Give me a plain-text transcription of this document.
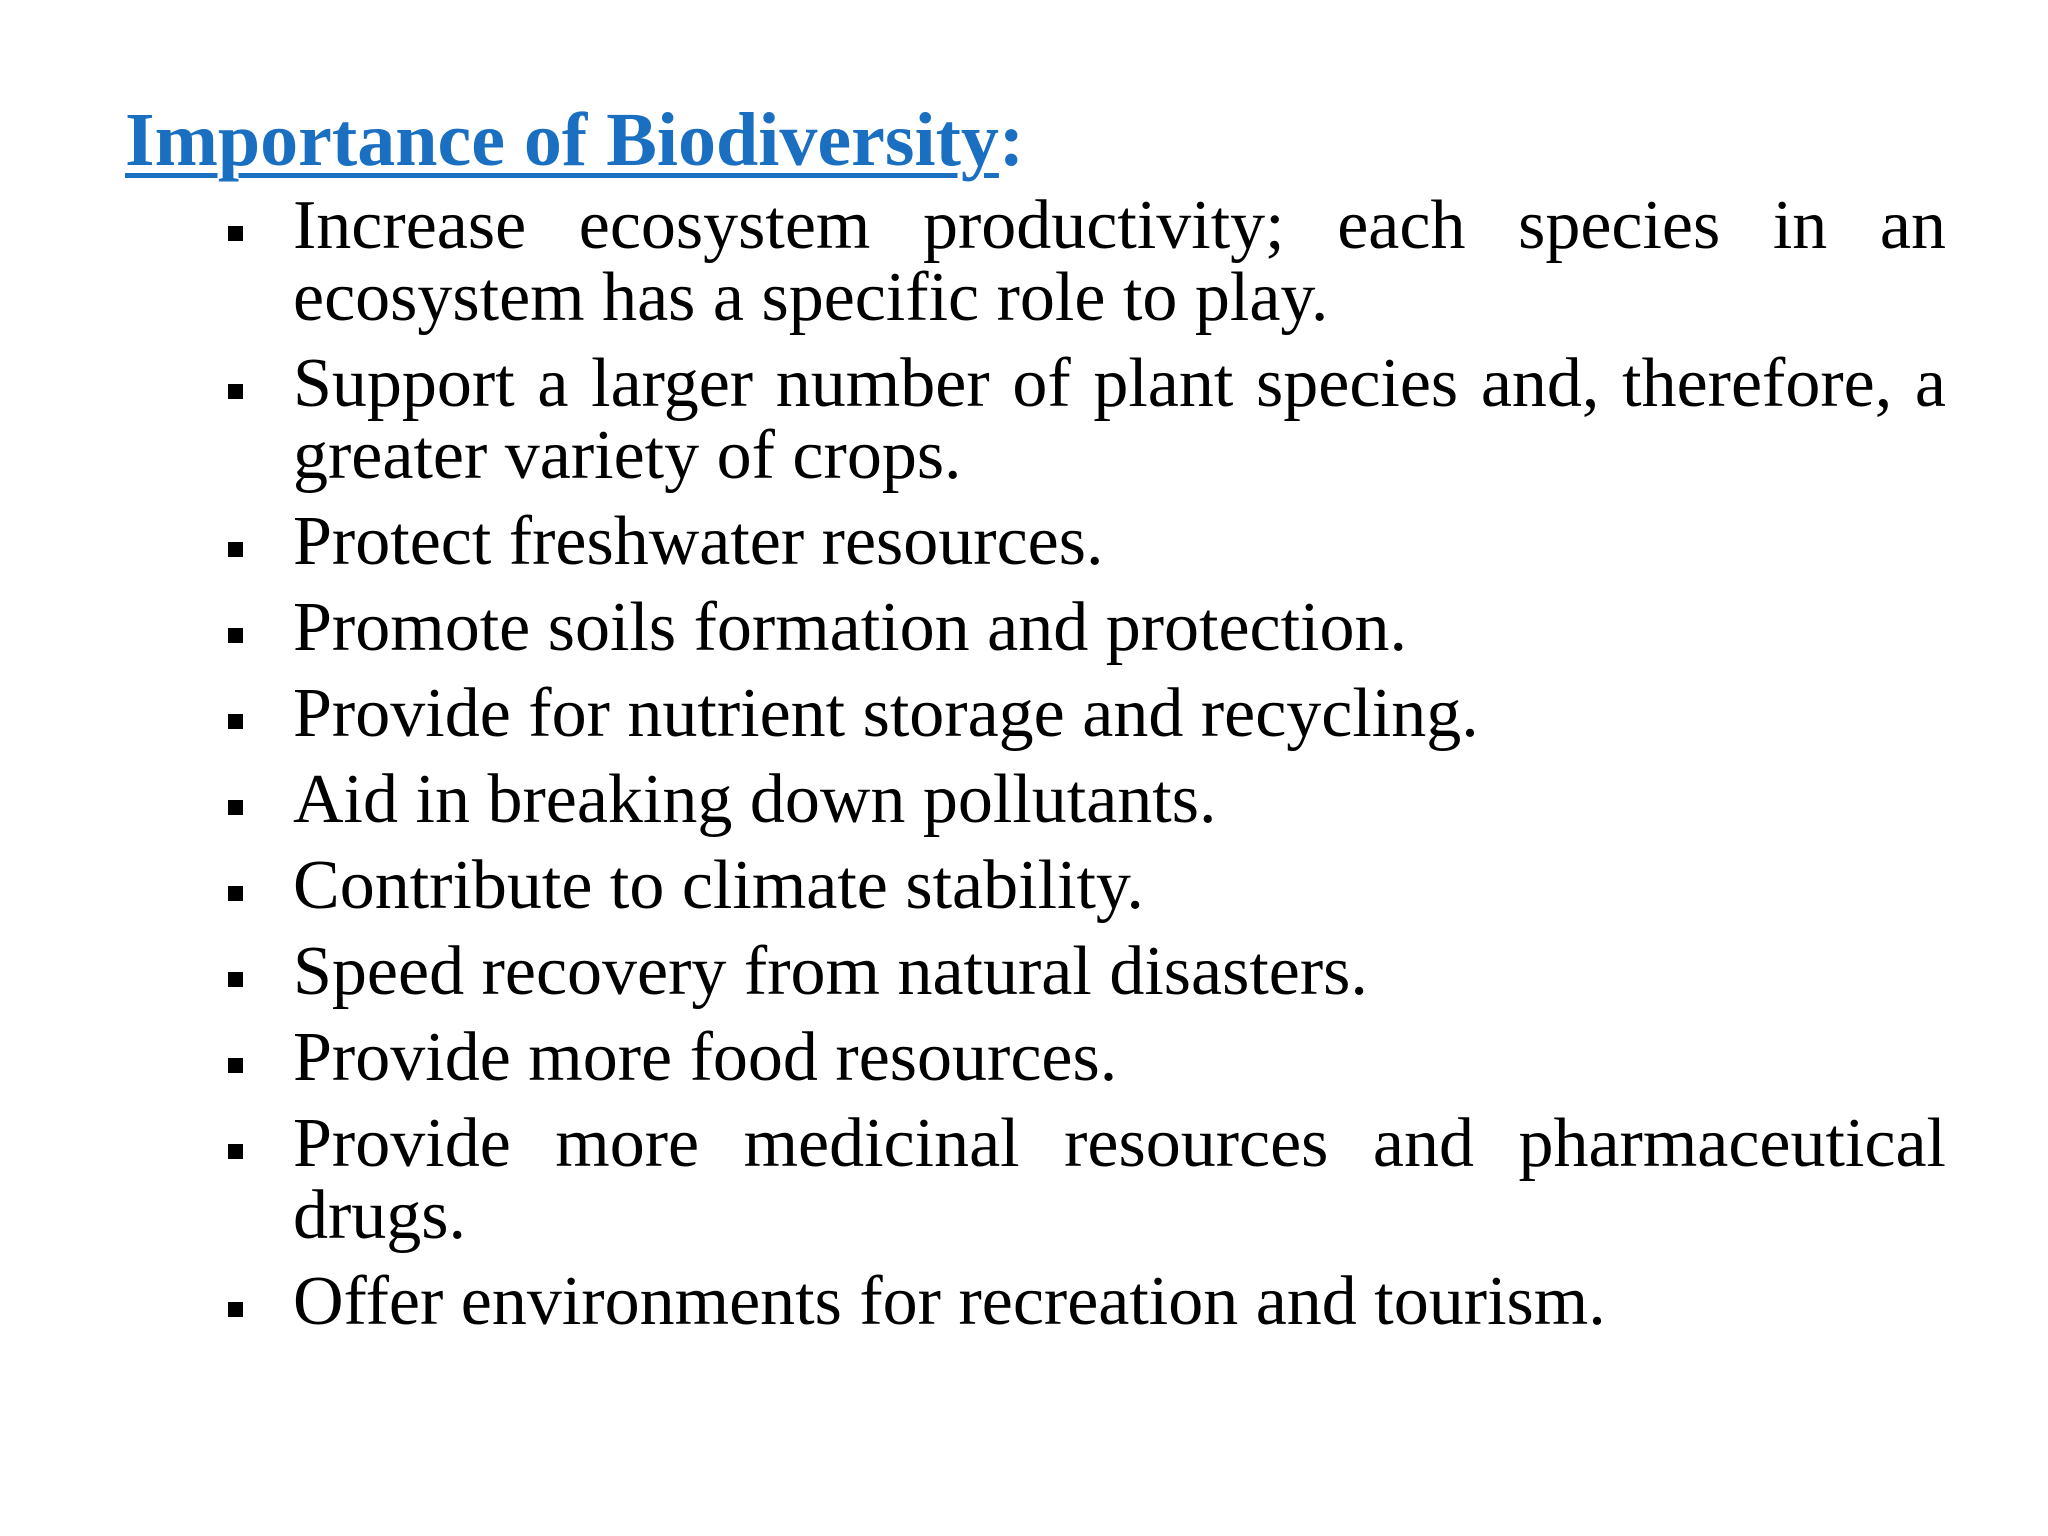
Importance of Biodiversity:
Increase ecosystem productivity; each species in an ecosystem has a specific role to play.
Support a larger number of plant species and, therefore, a greater variety of crops.
Protect freshwater resources.
Promote soils formation and protection.
Provide for nutrient storage and recycling.
Aid in breaking down pollutants.
Contribute to climate stability.
Speed recovery from natural disasters.
Provide more food resources.
Provide more medicinal resources and pharmaceutical drugs.
Offer environments for recreation and tourism.
